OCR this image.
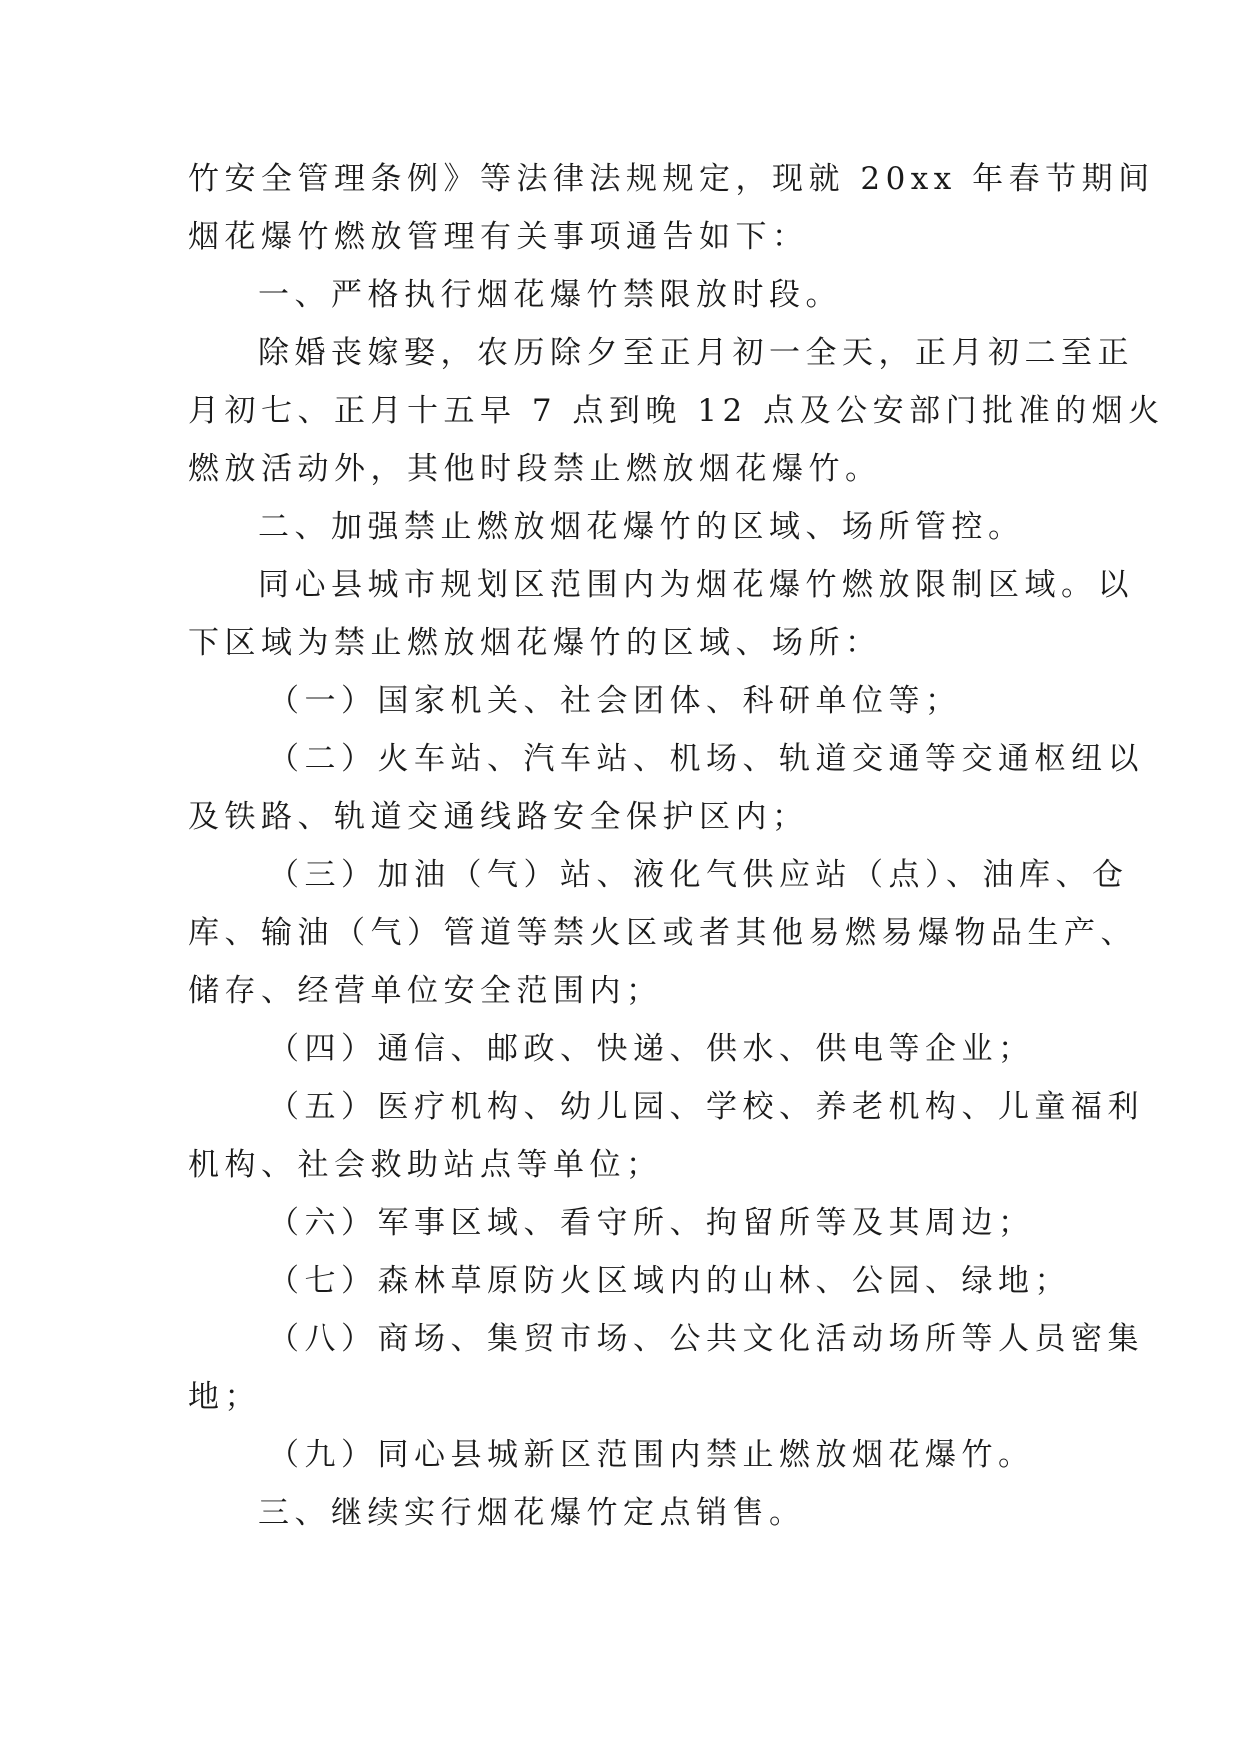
竹安全管理条例》等法律法规规定，现就 20xx 年春节期间

烟花爆竹燃放管理有关事项通告如下：

一、严格执行烟花爆竹禁限放时段。

除婚丧嫁娶，农历除夕至正月初一全天，正月初二至正

月初七、正月十五早 7 点到晚 12 点及公安部门批准的烟火

燃放活动外，其他时段禁止燃放烟花爆竹。

二、加强禁止燃放烟花爆竹的区域、场所管控。

同心县城市规划区范围内为烟花爆竹燃放限制区域。以

下区域为禁止燃放烟花爆竹的区域、场所：

（一）国家机关、社会团体、科研单位等；

（二）火车站、汽车站、机场、轨道交通等交通枢纽以

及铁路、轨道交通线路安全保护区内；

（三）加油（气）站、液化气供应站（点）、油库、仓

库、输油（气）管道等禁火区或者其他易燃易爆物品生产、

储存、经营单位安全范围内；

（四）通信、邮政、快递、供水、供电等企业；

（五）医疗机构、幼儿园、学校、养老机构、儿童福利

机构、社会救助站点等单位；

（六）军事区域、看守所、拘留所等及其周边；

（七）森林草原防火区域内的山林、公园、绿地；

（八）商场、集贸市场、公共文化活动场所等人员密集

地；

（九）同心县城新区范围内禁止燃放烟花爆竹。

三、继续实行烟花爆竹定点销售。
